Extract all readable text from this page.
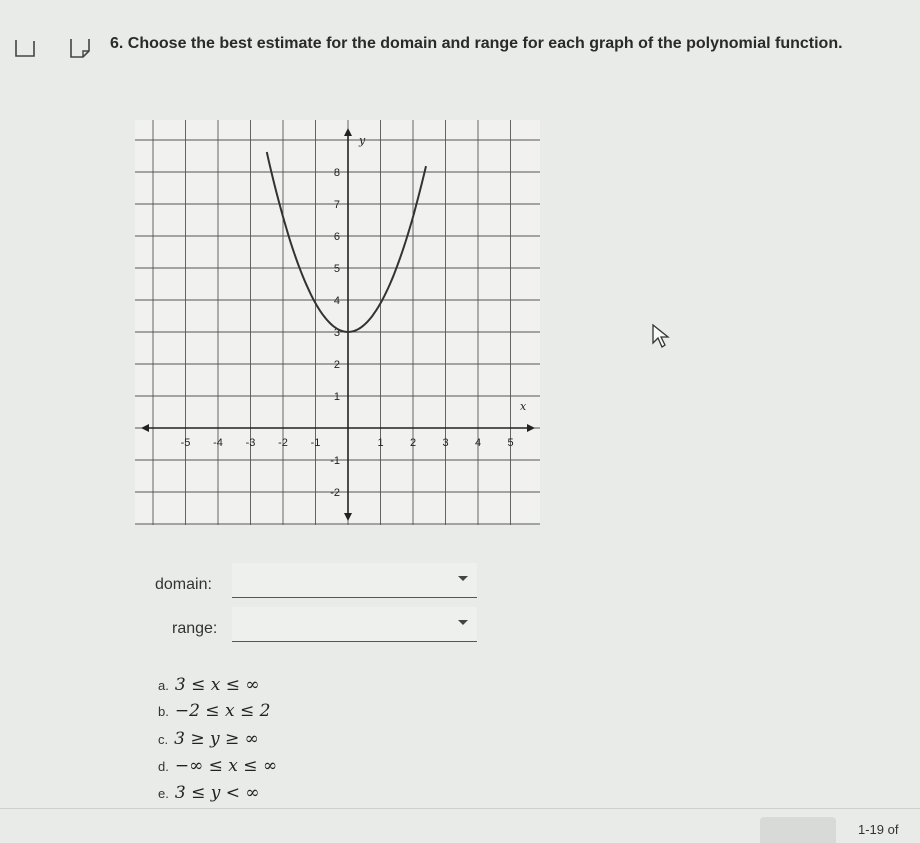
6. Choose the best estimate for the domain and range for each graph of the polynomial function.
x
y
-5 -4 -3 -2 -1	1 2 3 4 5
8
7
6
5
4
3
2
1
-1
-2
domain:
range:
a. 3 ≤ x ≤ ∞
b. −2 ≤ x ≤ 2
c. 3 ≥ y ≥ ∞
d. −∞ ≤ x ≤ ∞
e. 3 ≤ y < ∞
1-19 of
